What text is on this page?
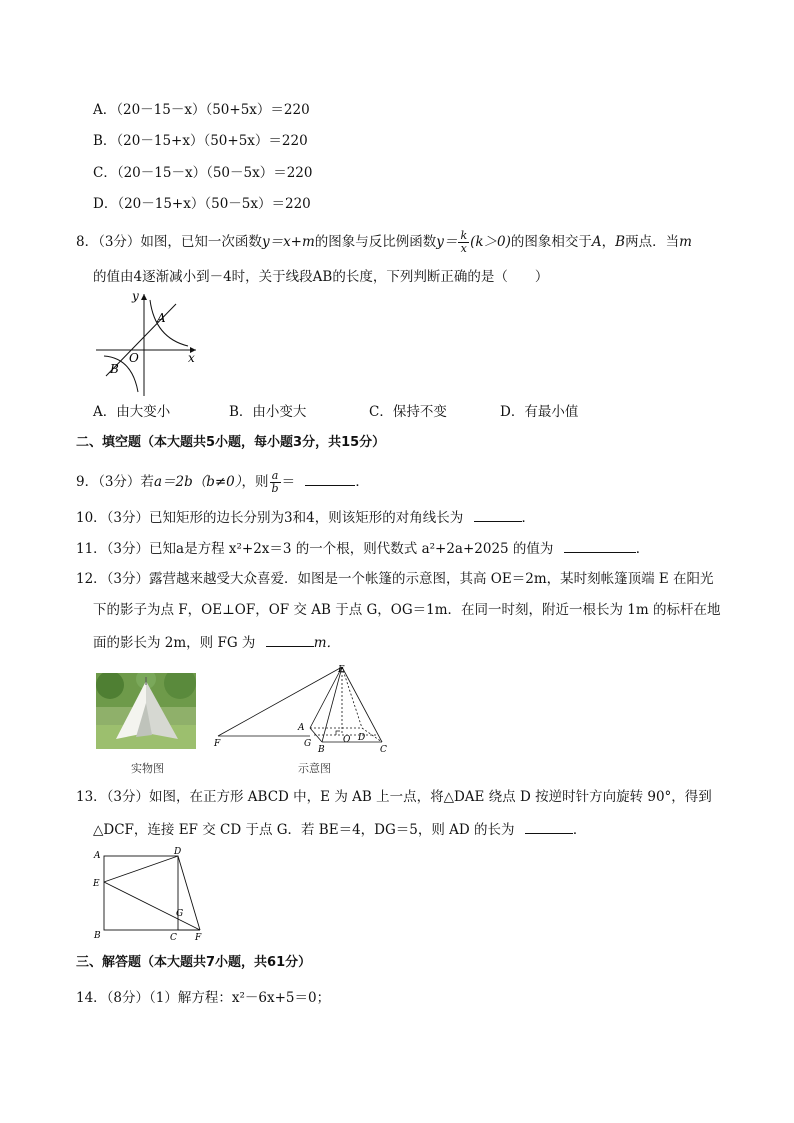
A．（20－15－x）（50+5x）＝220
B．（20－15+x）（50+5x）＝220
C．（20－15－x）（50－5x）＝220
D．（20－15+x）（50－5x）＝220
8．（3分）如图，已知一次函数y＝x+m的图象与反比例函数$y= \frac{k}{x} (k>0)$的图象相交于A，B两点．当m
的值由4逐渐减小到－4时，关于线段AB的长度，下列判断正确的是（　　）
y
x
O
A
B
A．由大变小	B．由小变大	C．保持不变	D．有最小值
二、填空题（本大题共5小题，每小题3分，共15分）
9．（3分）若a＝2b（b≠0），则 $\frac{a}{b}$ ＝	．
10．（3分）已知矩形的边长分别为3和4，则该矩形的对角线长为	．
11．（3分）已知a是方程 x²+2x＝3 的一个根，则代数式 a²+2a+2025 的值为	．
12．（3分）露营越来越受大众喜爱．如图是一个帐篷的示意图，其高 OE＝2m，某时刻帐篷顶端 E 在阳光
下的影子为点 F，OE⊥OF，OF 交 AB 于点 G，OG＝1m．在同一时刻，附近一根长为 1m 的标杆在地
面的影长为 2m，则 FG 为	m．
实物图
E
A
O D
F	G
B	C
示意图
13．（3分）如图，在正方形 ABCD 中，E 为 AB 上一点，将△DAE 绕点 D 按逆时针方向旋转 90°，得到
△DCF，连接 EF 交 CD 于点 G．若 BE＝4，DG＝5，则 AD 的长为	．
A	D
E
G
B	C F
三、解答题（本大题共7小题，共61分）
14．（8分）（1）解方程：x²－6x+5＝0；
